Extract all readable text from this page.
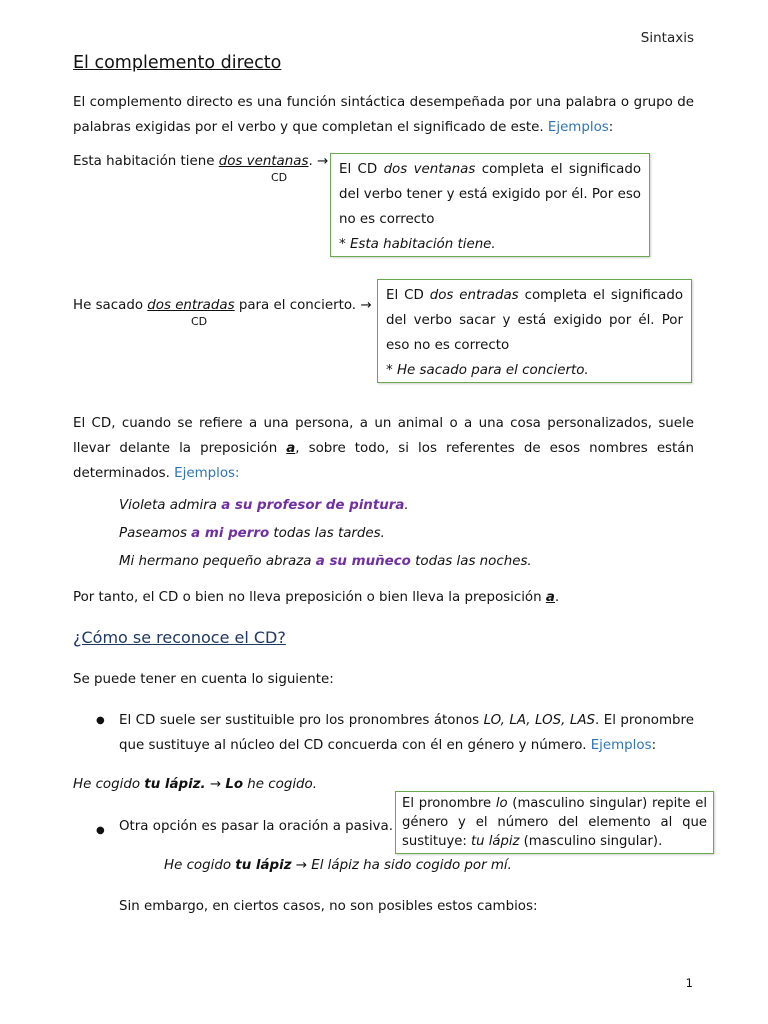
Sintaxis
El complemento directo
El complemento directo es una función sintáctica desempeñada por una palabra o grupo de palabras exigidas por el verbo y que completan el significado de este. Ejemplos:
Esta habitación tiene dos ventanas. →
CD
El CD dos ventanas completa el significado del verbo tener y está exigido por él. Por eso no es correcto
* Esta habitación tiene.
He sacado dos entradas para el concierto. →
CD
El CD dos entradas completa el significado del verbo sacar y está exigido por él. Por eso no es correcto
* He sacado para el concierto.
El CD, cuando se refiere a una persona, a un animal o a una cosa personalizados, suele llevar delante la preposición a, sobre todo, si los referentes de esos nombres están determinados. Ejemplos:
Violeta admira a su profesor de pintura.
Paseamos a mi perro todas las tardes.
Mi hermano pequeño abraza a su muñeco todas las noches.
Por tanto, el CD o bien no lleva preposición o bien lleva la preposición a.
¿Cómo se reconoce el CD?
Se puede tener en cuenta lo siguiente:
● El CD suele ser sustituible pro los pronombres átonos LO, LA, LOS, LAS. El pronombre que sustituye al núcleo del CD concuerda con él en género y número. Ejemplos:
He cogido tu lápiz. → Lo he cogido.
El pronombre lo (masculino singular) repite el género y el número del elemento al que sustituye: tu lápiz (masculino singular).
● Otra opción es pasar la oración a pasiva.
He cogido tu lápiz → El lápiz ha sido cogido por mí.
Sin embargo, en ciertos casos, no son posibles estos cambios:
1
